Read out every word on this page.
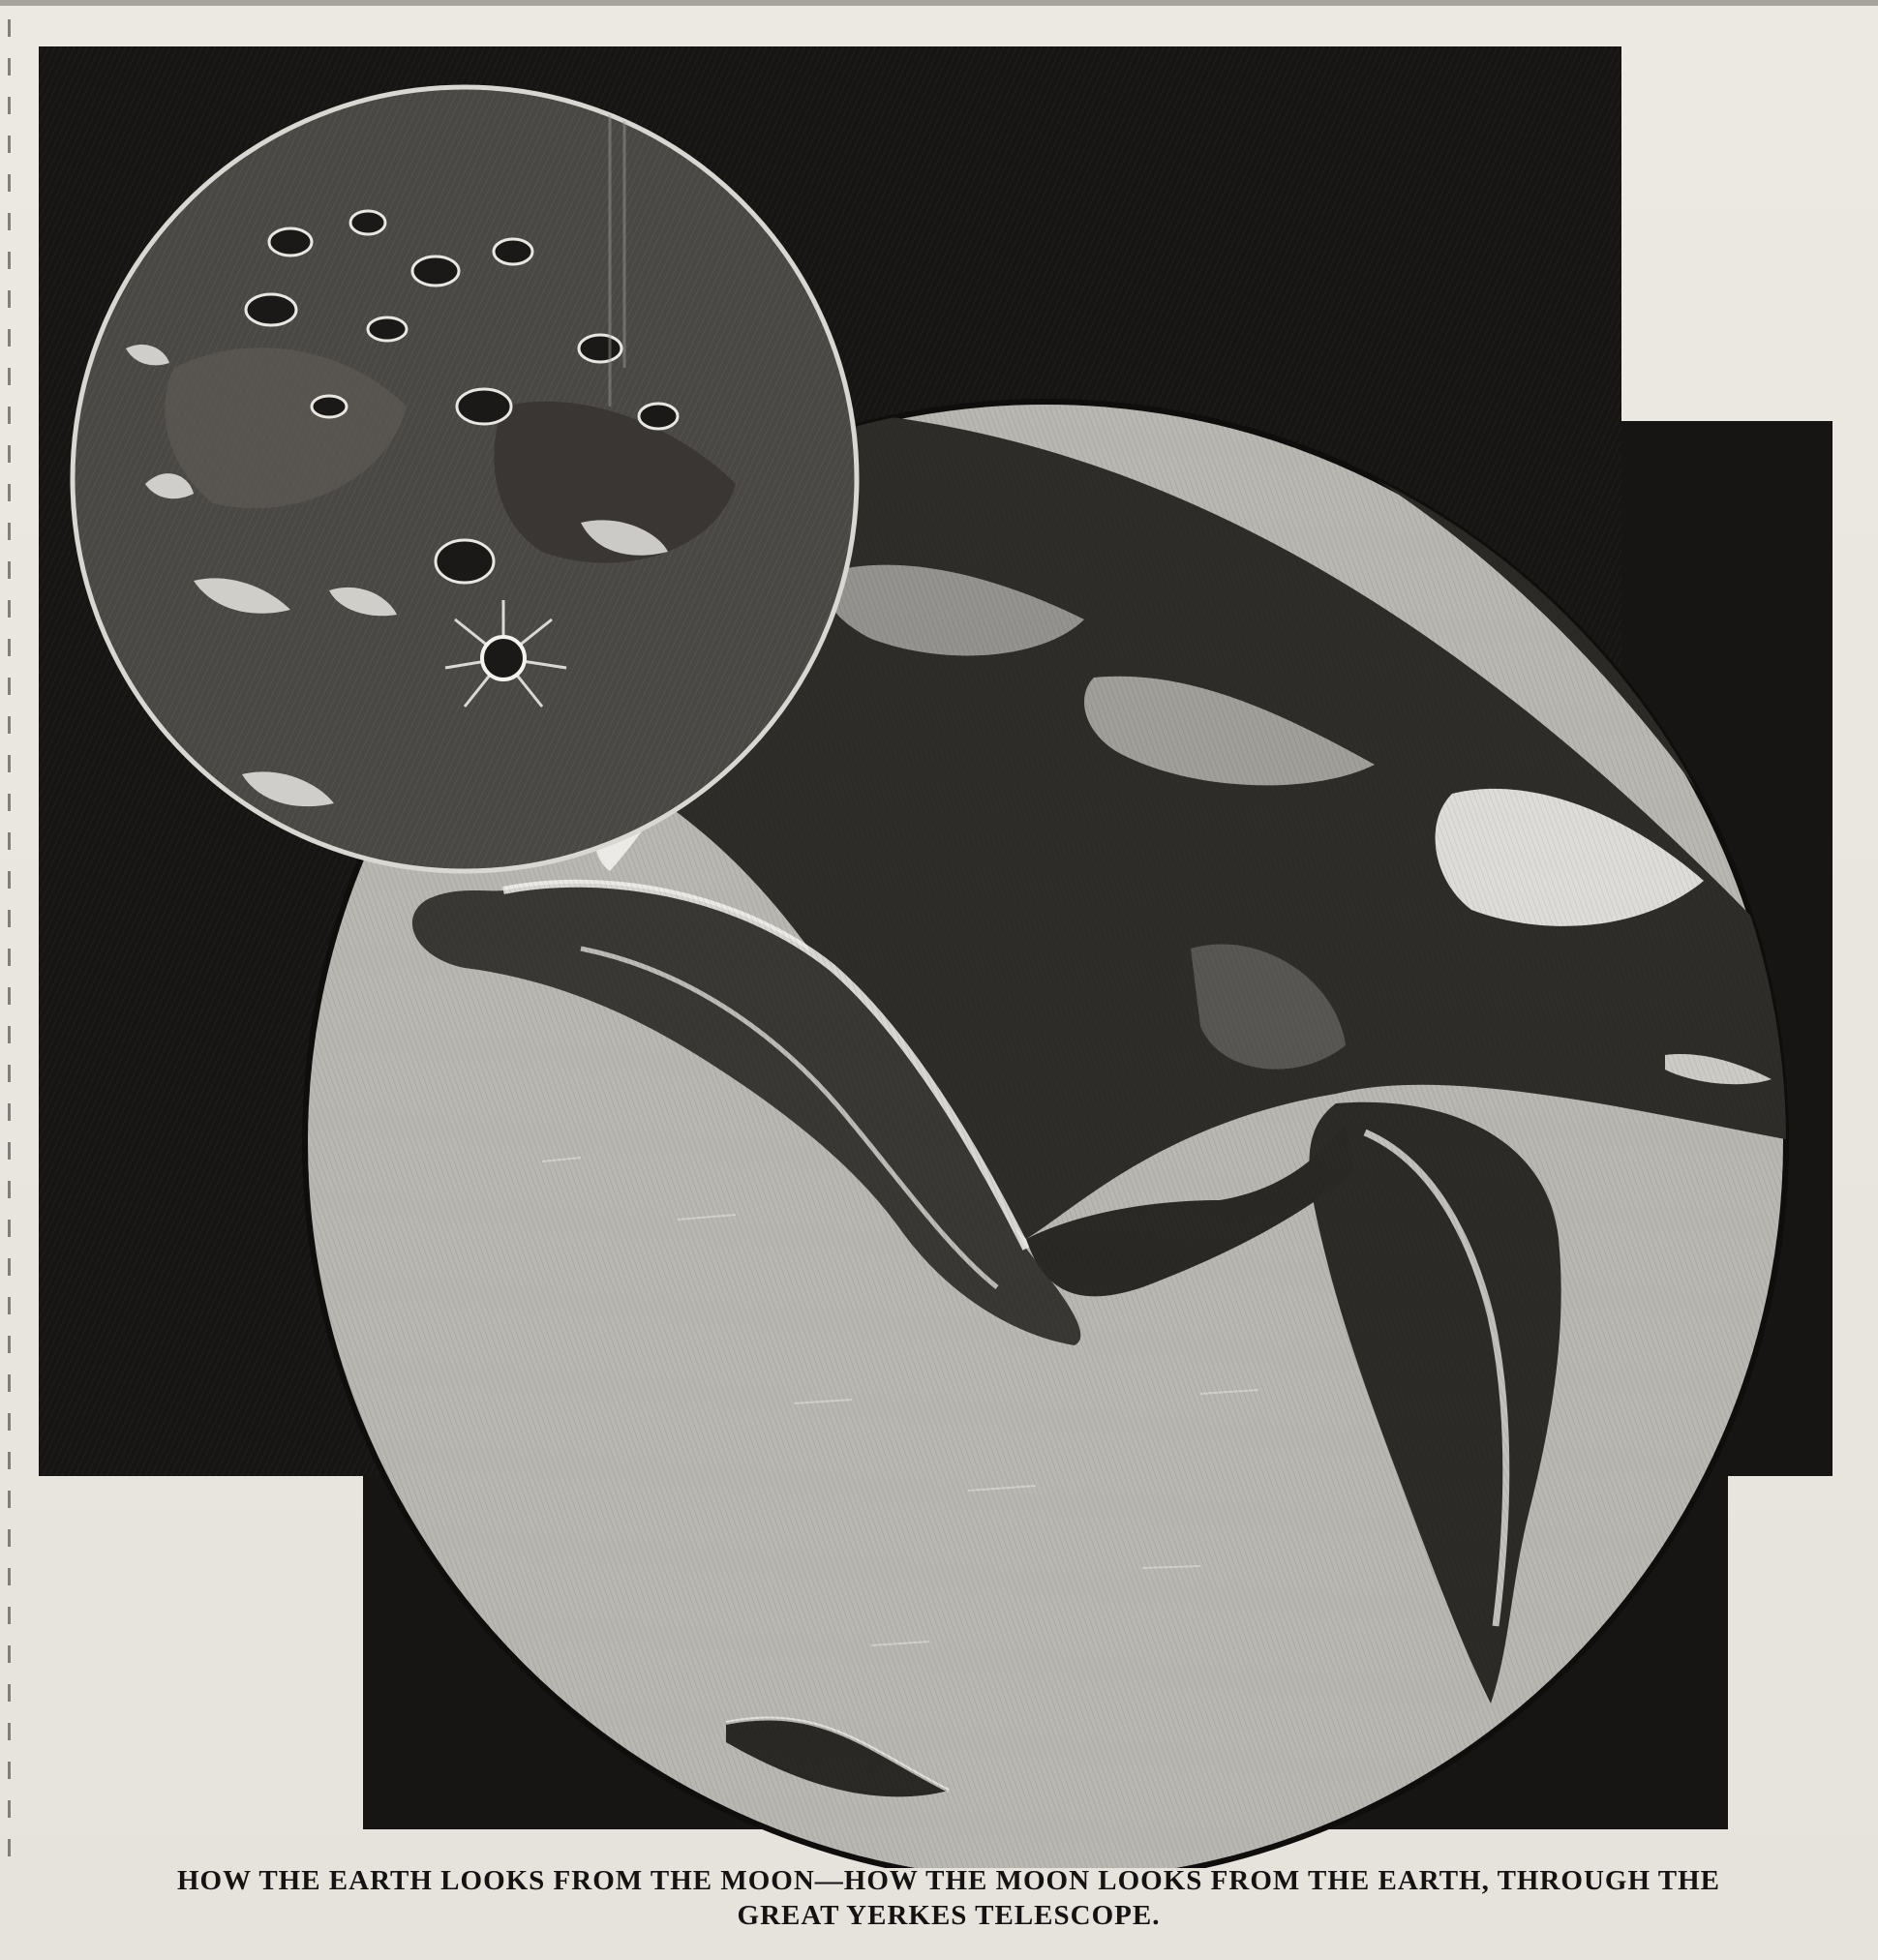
HOW THE EARTH LOOKS FROM THE MOON—HOW THE MOON LOOKS FROM THE EARTH, THROUGH THE
GREAT YERKES TELESCOPE.
